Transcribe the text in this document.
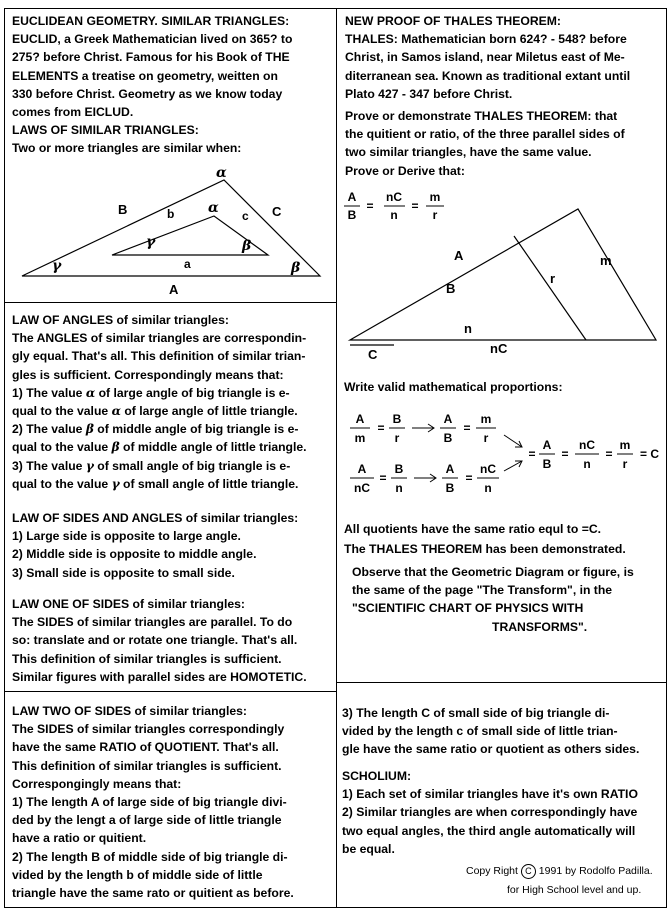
EUCLIDEAN GEOMETRY. SIMILAR TRIANGLES:
EUCLID, a Greek Mathematician lived on 365? to
275? before Christ. Famous for his Book of THE
ELEMENTS a treatise on geometry, weitten on
330 before Christ. Geometry as we know today
comes from EICLUD.
LAWS OF SIMILAR TRIANGLES:
Two or more triangles are similar when:
B	C
A
b	c
a
α
α
γ	β
γ	β
LAW OF ANGLES of similar triangles:
The ANGLES of similar triangles are correspondin-
gly equal. That's all. This definition of similar trian-
gles is sufficient. Correspondingly means that:
1) The value α of large angle of big triangle is e-
qual to the value α of large angle of little triangle.
2) The value β of middle angle of big triangle is e-
qual to the value β of middle angle of little triangle.
3) The value γ of small angle of big triangle is e-
qual to the value γ of small angle of little triangle.
LAW OF SIDES AND ANGLES of similar triangles:
1) Large side is opposite to large angle.
2) Middle side is opposite to middle angle.
3) Small side is opposite to small side.
LAW ONE OF SIDES of similar triangles:
The SIDES of similar triangles are parallel. To do
so: translate and or rotate one triangle. That's all.
This definition of similar triangles is sufficient.
Similar figures with parallel sides are HOMOTETIC.
LAW TWO OF SIDES of similar triangles:
The SIDES of similar triangles correspondingly
have the same RATIO of QUOTIENT. That's all.
This definition of similar triangles is sufficient.
Correspongingly means that:
1) The length A of large side of big triangle divi-
ded by the lengt a of large side of little triangle
have a ratio or quitient.
2) The length B of middle side of big triangle di-
vided by the length b of middle side of little
triangle have the same rato or quitient as before.
NEW PROOF OF THALES THEOREM:
THALES: Mathematician born 624? - 548? before
Christ, in Samos island, near Miletus east of Me-
diterranean sea. Known as traditional extant until
Plato 427 - 347 before Christ.
Prove or demonstrate THALES THEOREM: that
the quitient or ratio, of the three parallel sides of
two similar triangles, have the same value.
Prove or Derive that:
A
B
=
nC
n
=
m
r
A
B
m
r
n
nC
C
Write valid mathematical proportions:
A
m
=
B
r
A
B
=
m
r
A
nC
=
B
n
A
B
=
nC
n
=
A
B
=
nC
n
=
m
r
= C
All quotients have the same ratio equl to =C.
The THALES THEOREM has been demonstrated.
Observe that the Geometric Diagram or figure, is
the same of the page "The Transform", in the
"SCIENTIFIC CHART OF PHYSICS WITH
TRANSFORMS".
3) The length C of small side of big triangle di-
vided by the length c of small side of little trian-
gle have the same ratio or quotient as others sides.
SCHOLIUM:
1) Each set of similar triangles have it's own RATIO
2) Similar triangles are when correspondingly have
two equal angles, the third angle automatically will
be equal.
Copy Right C 1991 by Rodolfo Padilla.
for High School level and up.
